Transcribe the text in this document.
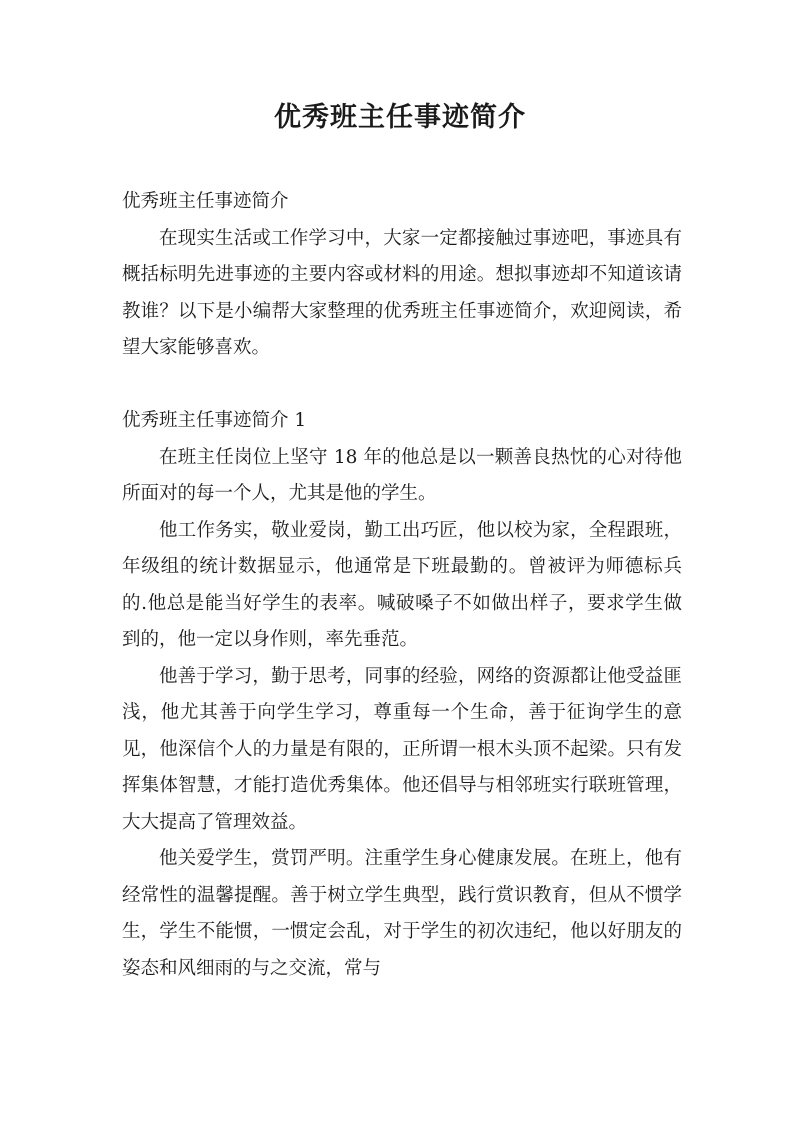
优秀班主任事迹简介

优秀班主任事迹简介

在现实生活或工作学习中，大家一定都接触过事迹吧，事迹具有概括标明先进事迹的主要内容或材料的用途。想拟事迹却不知道该请教谁？以下是小编帮大家整理的优秀班主任事迹简介，欢迎阅读，希望大家能够喜欢。

优秀班主任事迹简介 1

在班主任岗位上坚守 18 年的他总是以一颗善良热忱的心对待他所面对的每一个人，尤其是他的学生。

他工作务实，敬业爱岗，勤工出巧匠，他以校为家，全程跟班，年级组的统计数据显示，他通常是下班最勤的。曾被评为师德标兵的.他总是能当好学生的表率。喊破嗓子不如做出样子，要求学生做到的，他一定以身作则，率先垂范。

他善于学习，勤于思考，同事的经验，网络的资源都让他受益匪浅，他尤其善于向学生学习，尊重每一个生命，善于征询学生的意见，他深信个人的力量是有限的，正所谓一根木头顶不起梁。只有发挥集体智慧，才能打造优秀集体。他还倡导与相邻班实行联班管理，大大提高了管理效益。

他关爱学生，赏罚严明。注重学生身心健康发展。在班上，他有经常性的温馨提醒。善于树立学生典型，践行赏识教育，但从不惯学生，学生不能惯，一惯定会乱，对于学生的初次违纪，他以好朋友的姿态和风细雨的与之交流，常与
